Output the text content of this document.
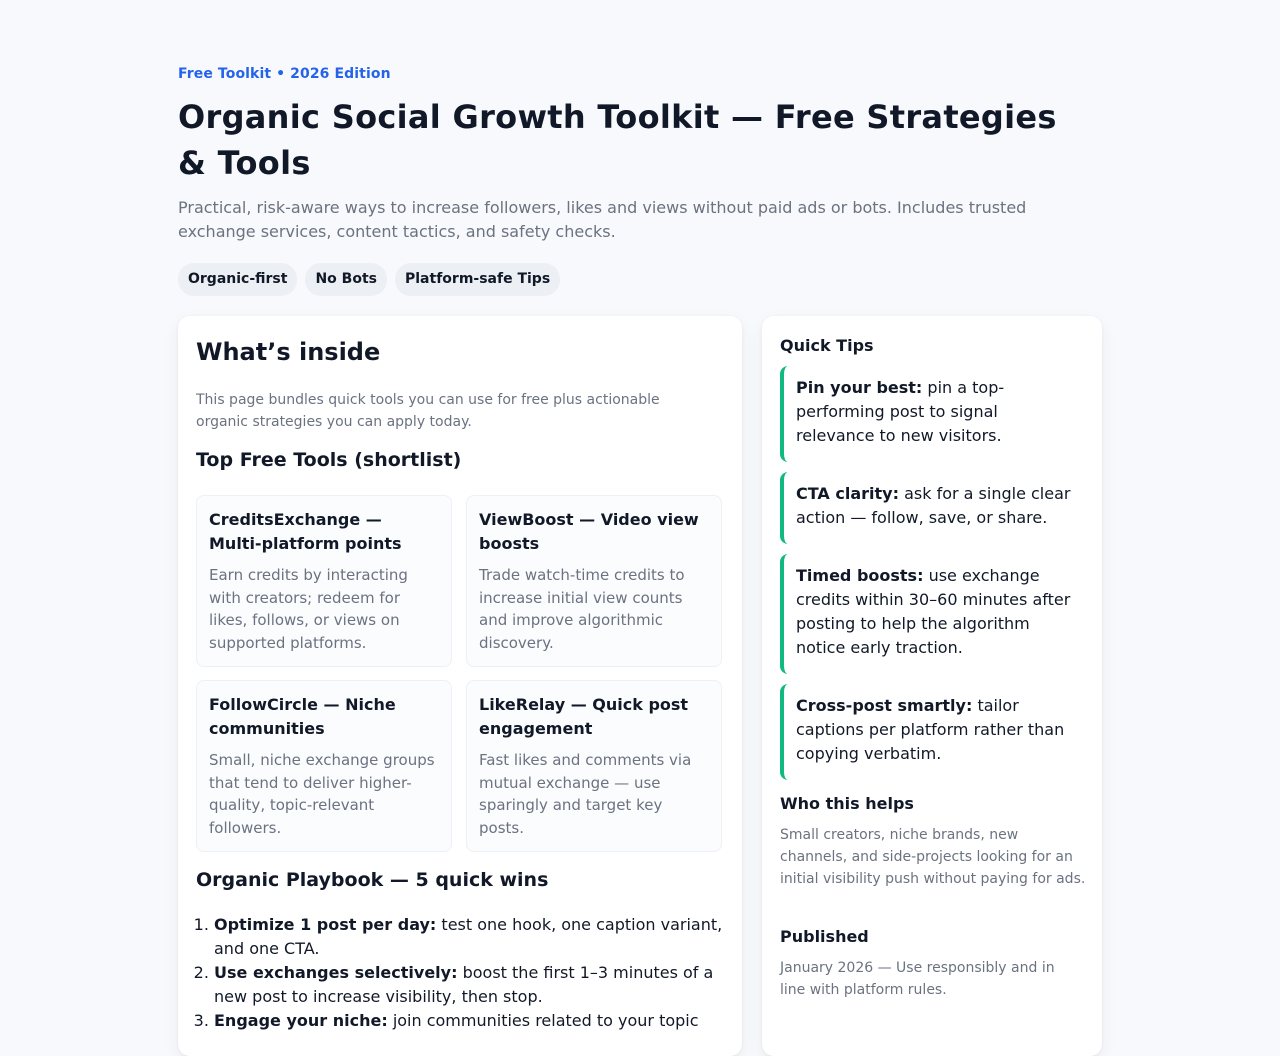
Free Toolkit • 2026 Edition
Organic Social Growth Toolkit — Free Strategies & Tools

Practical, risk-aware ways to increase followers, likes and views without paid ads or bots. Includes trusted exchange services, content tactics, and safety checks.

Organic-first	No Bots	Platform-safe Tips
What’s inside

This page bundles quick tools you can use for free plus actionable organic strategies you can apply today.

Top Free Tools (shortlist)

CreditsExchange — Multi-platform points

Earn credits by interacting with creators; redeem for likes, follows, or views on supported platforms.

ViewBoost — Video view boosts

Trade watch-time credits to increase initial view counts and improve algorithmic discovery.

FollowCircle — Niche communities

Small, niche exchange groups that tend to deliver higher-quality, topic-relevant followers.

LikeRelay — Quick post engagement

Fast likes and comments via mutual exchange — use sparingly and target key posts.

Organic Playbook — 5 quick wins
1. Optimize 1 post per day: test one hook, one caption variant, and one CTA.
2. Use exchanges selectively: boost the first 1–3 minutes of a new post to increase visibility, then stop.
3. Engage your niche: join communities related to your topic
Quick Tips
Pin your best: pin a top-performing post to signal relevance to new visitors.
CTA clarity: ask for a single clear action — follow, save, or share.
Timed boosts: use exchange credits within 30–60 minutes after posting to help the algorithm notice early traction.
Cross-post smartly: tailor captions per platform rather than copying verbatim.
Who this helps

Small creators, niche brands, new channels, and side-projects looking for an initial visibility push without paying for ads.

Published

January 2026 — Use responsibly and in line with platform rules.
